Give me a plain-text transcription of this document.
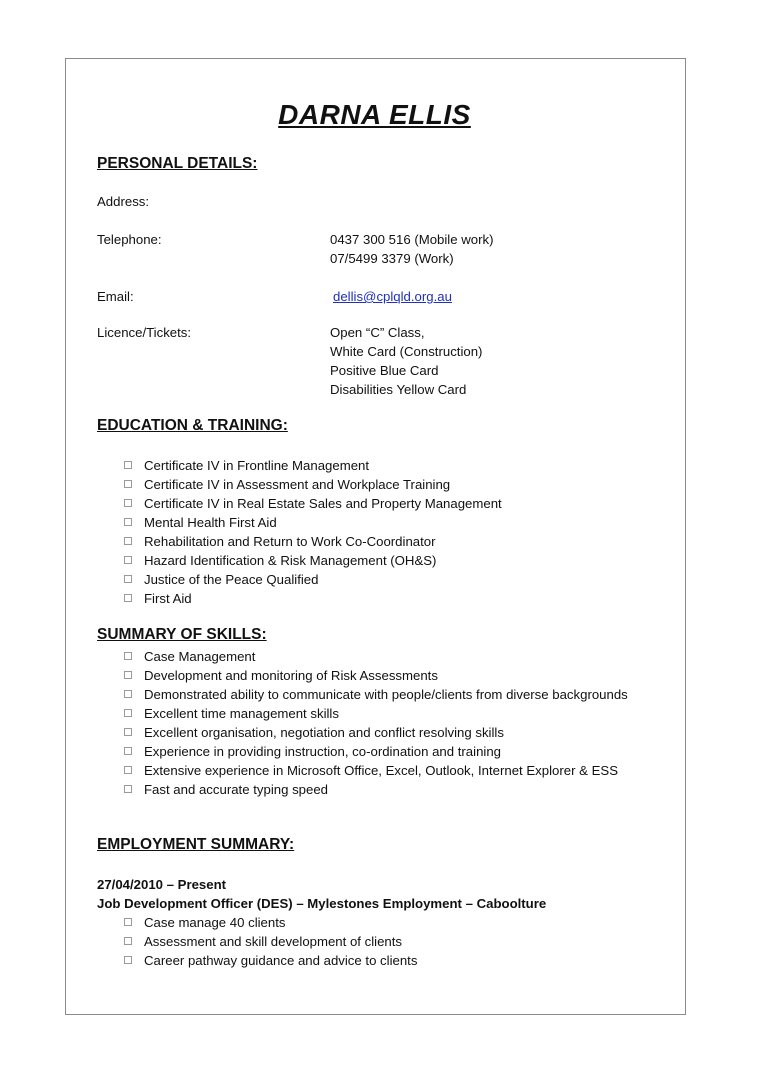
DARNA ELLIS
PERSONAL DETAILS:
Address:
Telephone:	0437 300 516 (Mobile work)
07/5499 3379 (Work)
Email:	dellis@cplqld.org.au
Licence/Tickets:	Open “C” Class,
White Card (Construction)
Positive Blue Card
Disabilities Yellow Card
EDUCATION & TRAINING:
Certificate IV in Frontline Management
Certificate IV in Assessment and Workplace Training
Certificate IV in Real Estate Sales and Property Management
Mental Health First Aid
Rehabilitation and Return to Work Co-Coordinator
Hazard Identification & Risk Management (OH&S)
Justice of the Peace Qualified
First Aid
SUMMARY OF SKILLS:
Case Management
Development and monitoring of Risk Assessments
Demonstrated ability to communicate with people/clients from diverse backgrounds
Excellent time management skills
Excellent organisation, negotiation and conflict resolving skills
Experience in providing instruction, co-ordination and training
Extensive experience in Microsoft Office, Excel, Outlook, Internet Explorer & ESS
Fast and accurate typing speed
EMPLOYMENT SUMMARY:
27/04/2010 – Present
Job Development Officer (DES) – Mylestones Employment – Caboolture
Case manage 40 clients
Assessment and skill development of clients
Career pathway guidance and advice to clients
